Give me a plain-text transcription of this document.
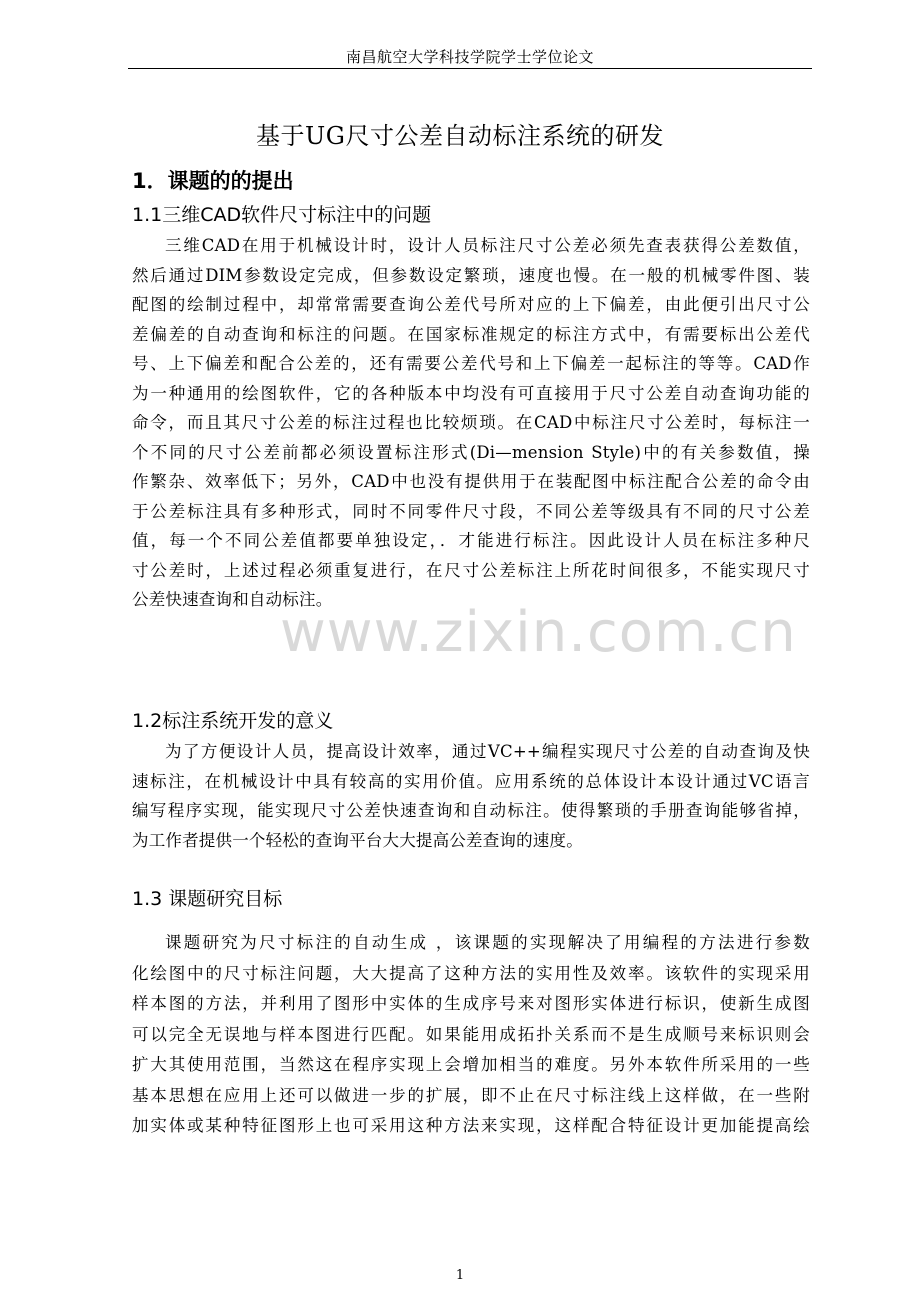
南昌航空大学科技学院学士学位论文
基于UG尺寸公差自动标注系统的研发
1．课题的的提出
1.1三维CAD软件尺寸标注中的问题
三维CAD在用于机械设计时，设计人员标注尺寸公差必须先查表获得公差数值，
然后通过DIM参数设定完成，但参数设定繁琐，速度也慢。在一般的机械零件图、装
配图的绘制过程中，却常常需要查询公差代号所对应的上下偏差，由此便引出尺寸公
差偏差的自动查询和标注的问题。在国家标准规定的标注方式中，有需要标出公差代
号、上下偏差和配合公差的，还有需要公差代号和上下偏差一起标注的等等。CAD作
为一种通用的绘图软件，它的各种版本中均没有可直接用于尺寸公差自动查询功能的
命令，而且其尺寸公差的标注过程也比较烦琐。在CAD中标注尺寸公差时，每标注一
个不同的尺寸公差前都必须设置标注形式(Di—mension Style)中的有关参数值，操
作繁杂、效率低下；另外，CAD中也没有提供用于在装配图中标注配合公差的命令由
于公差标注具有多种形式，同时不同零件尺寸段，不同公差等级具有不同的尺寸公差
值，每一个不同公差值都要单独设定，．才能进行标注。因此设计人员在标注多种尺
寸公差时，上述过程必须重复进行，在尺寸公差标注上所花时间很多，不能实现尺寸
公差快速查询和自动标注。
1.2标注系统开发的意义
为了方便设计人员，提高设计效率，通过VC++编程实现尺寸公差的自动查询及快
速标注，在机械设计中具有较高的实用价值。应用系统的总体设计本设计通过VC语言
编写程序实现，能实现尺寸公差快速查询和自动标注。使得繁琐的手册查询能够省掉，
为工作者提供一个轻松的查询平台大大提高公差查询的速度。
1.3 课题研究目标
课题研究为尺寸标注的自动生成 ，该课题的实现解决了用编程的方法进行参数
化绘图中的尺寸标注问题，大大提高了这种方法的实用性及效率。该软件的实现采用
样本图的方法，并利用了图形中实体的生成序号来对图形实体进行标识，使新生成图
可以完全无误地与样本图进行匹配。如果能用成拓扑关系而不是生成顺号来标识则会
扩大其使用范围，当然这在程序实现上会增加相当的难度。另外本软件所采用的一些
基本思想在应用上还可以做进一步的扩展，即不止在尺寸标注线上这样做，在一些附
加实体或某种特征图形上也可采用这种方法来实现，这样配合特征设计更加能提高绘
www.zixin.com.cn
1
